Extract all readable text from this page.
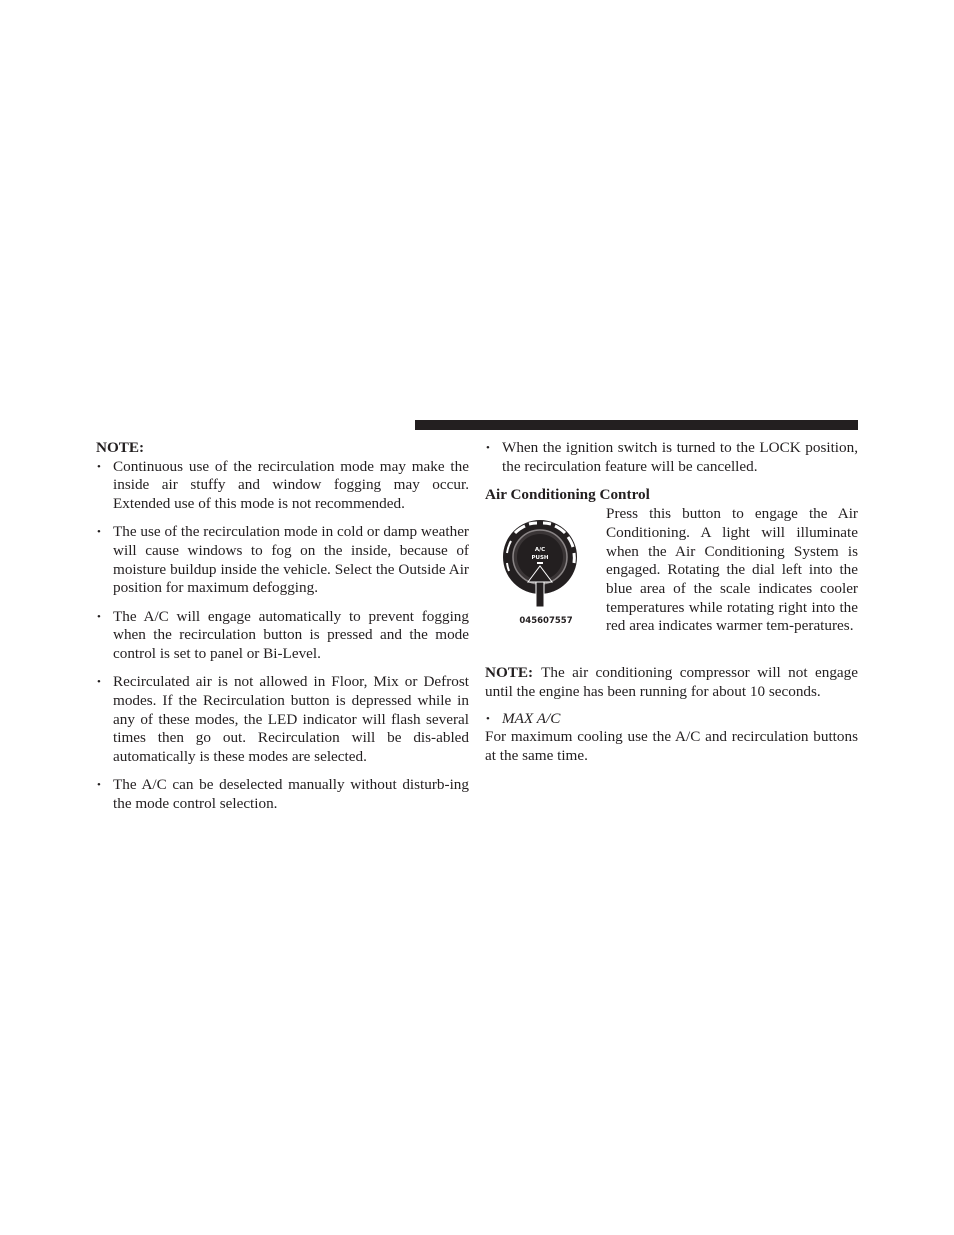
NOTE:

• Continuous use of the recirculation mode may make the inside air stuffy and window fogging may occur. Extended use of this mode is not recommended.
• The use of the recirculation mode in cold or damp weather will cause windows to fog on the inside, because of moisture buildup inside the vehicle. Select the Outside Air position for maximum defogging.
• The A/C will engage automatically to prevent fogging when the recirculation button is pressed and the mode control is set to panel or Bi-Level.
• Recirculated air is not allowed in Floor, Mix or Defrost modes. If the Recirculation button is depressed while in any of these modes, the LED indicator will flash several times then go out. Recirculation will be dis-abled automatically is these modes are selected.
• The A/C can be deselected manually without disturb-ing the mode control selection.
• When the ignition switch is turned to the LOCK position, the recirculation feature will be cancelled.

Air Conditioning Control

A/C
PUSH
045607557
Press this button to engage the Air Conditioning. A light will illuminate when the Air Conditioning System is engaged. Rotating the dial left into the blue area of the scale indicates cooler temperatures while rotating right into the red area indicates warmer tem-peratures.

NOTE: The air conditioning compressor will not engage until the engine has been running for about 10 seconds.

• MAX A/C

For maximum cooling use the A/C and recirculation buttons at the same time.
